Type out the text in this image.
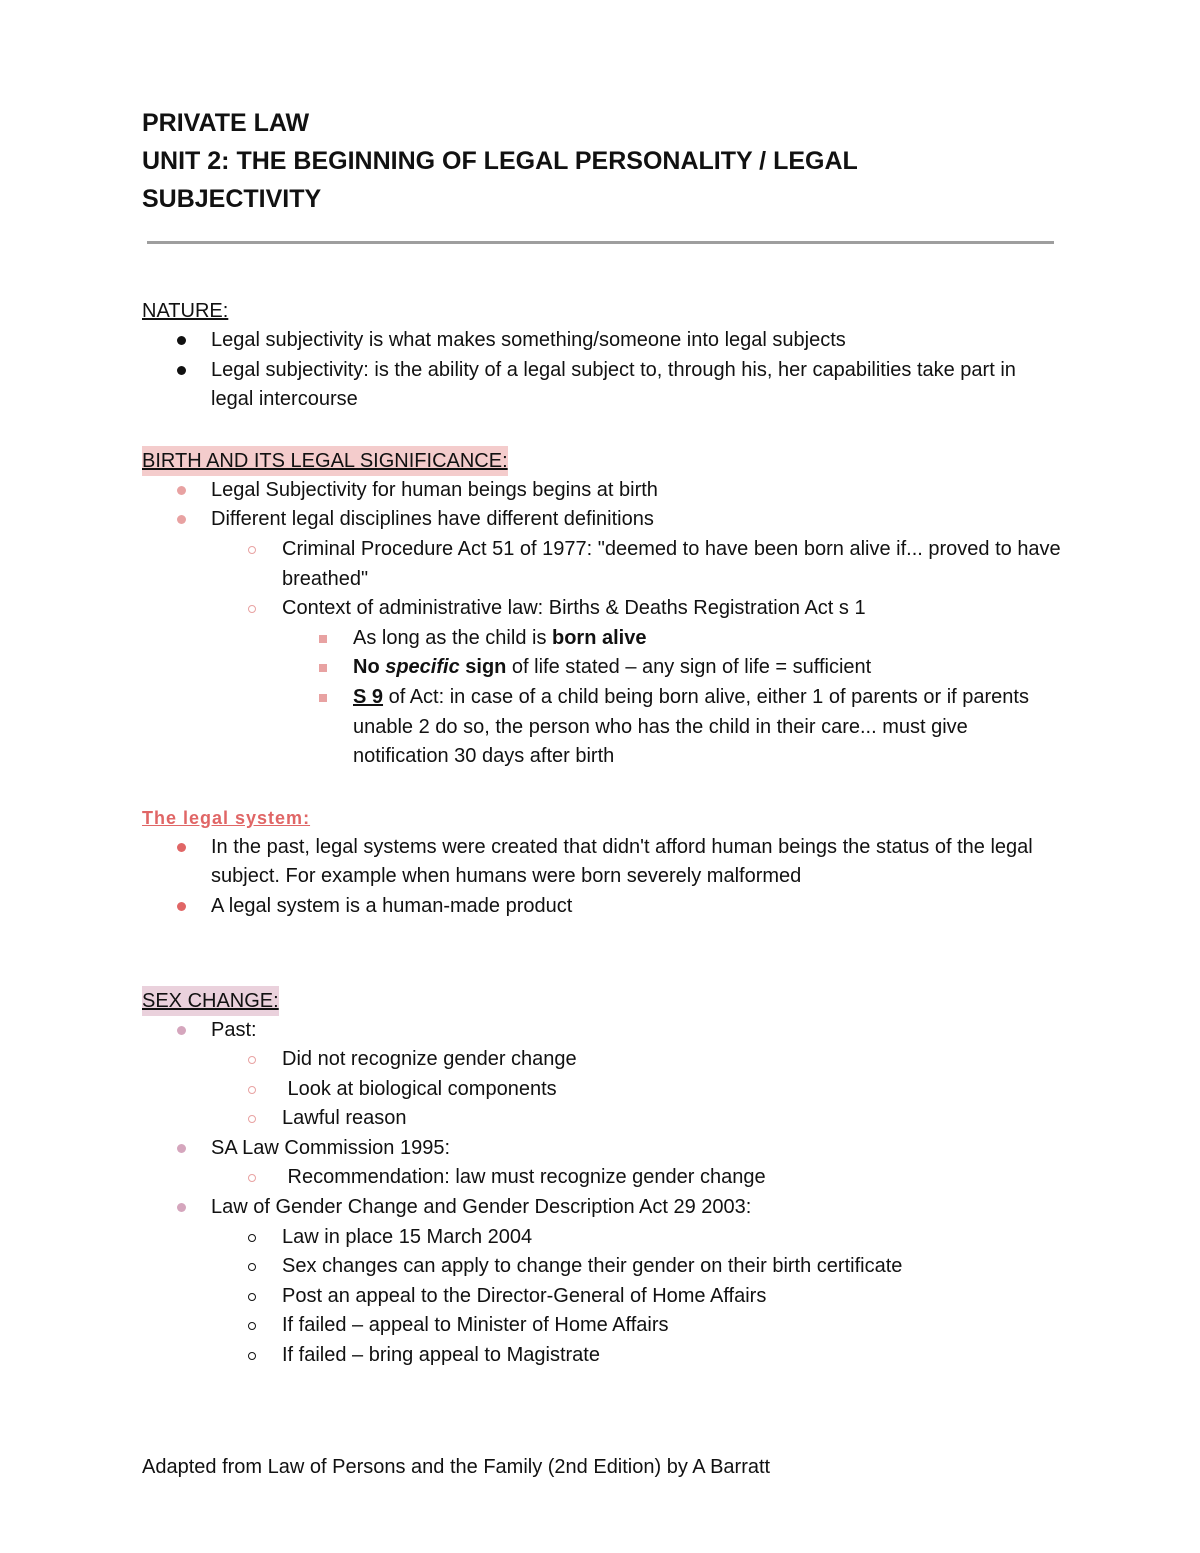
PRIVATE LAW

UNIT 2: THE BEGINNING OF LEGAL PERSONALITY / LEGAL

SUBJECTIVITY

NATURE:
Legal subjectivity is what makes something/someone into legal subjects
Legal subjectivity: is the ability of a legal subject to, through his, her capabilities take part in legal intercourse
BIRTH AND ITS LEGAL SIGNIFICANCE:
Legal Subjectivity for human beings begins at birth
Different legal disciplines have different definitions
Criminal Procedure Act 51 of 1977: "deemed to have been born alive if... proved to have breathed"
Context of administrative law: Births & Deaths Registration Act s 1
As long as the child is born alive
No specific sign of life stated – any sign of life = sufficient
S 9 of Act: in case of a child being born alive, either 1 of parents or if parents unable 2 do so, the person who has the child in their care... must give notification 30 days after birth
The legal system:
In the past, legal systems were created that didn't afford human beings the status of the legal subject. For example when humans were born severely malformed
A legal system is a human-made product
SEX CHANGE:
Past:
Did not recognize gender change
Look at biological components
Lawful reason
SA Law Commission 1995:
Recommendation: law must recognize gender change
Law of Gender Change and Gender Description Act 29 2003:
Law in place 15 March 2004
Sex changes can apply to change their gender on their birth certificate
Post an appeal to the Director-General of Home Affairs
If failed – appeal to Minister of Home Affairs
If failed – bring appeal to Magistrate
Adapted from Law of Persons and the Family (2nd Edition) by A Barratt
